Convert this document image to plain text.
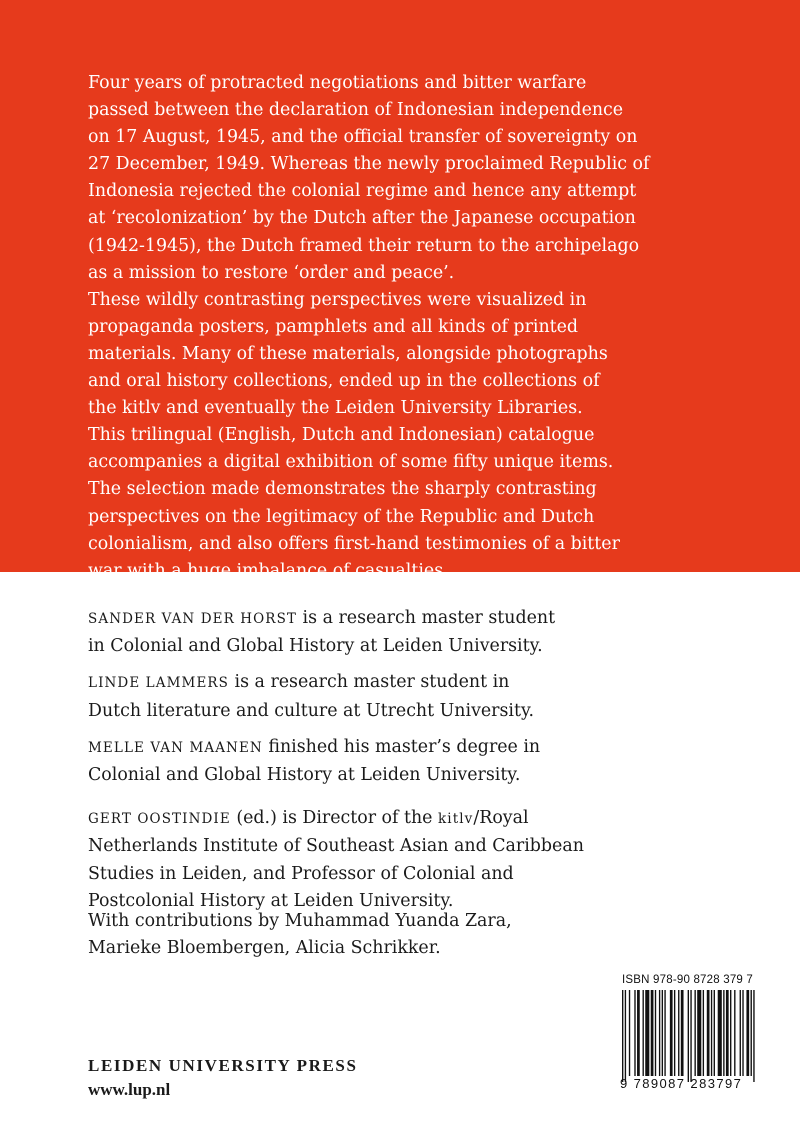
Four years of protracted negotiations and bitter warfare

passed between the declaration of Indonesian independence

on 17 August, 1945, and the official transfer of sovereignty on

27 December, 1949. Whereas the newly proclaimed Republic of

Indonesia rejected the colonial regime and hence any attempt

at ‘recolonization’ by the Dutch after the Japanese occupation

(1942-1945), the Dutch framed their return to the archipelago

as a mission to restore ‘order and peace’.

These wildly contrasting perspectives were visualized in

propaganda posters, pamphlets and all kinds of printed

materials. Many of these materials, alongside photographs

and oral history collections, ended up in the collections of

the kitlv and eventually the Leiden University Libraries.

This trilingual (English, Dutch and Indonesian) catalogue

accompanies a digital exhibition of some fifty unique items.

The selection made demonstrates the sharply contrasting

perspectives on the legitimacy of the Republic and Dutch

colonialism, and also offers first-hand testimonies of a bitter

war with a huge imbalance of casualties.

SANDER VAN DER HORST is a research master student
in Colonial and Global History at Leiden University.

LINDE LAMMERS is a research master student in
Dutch literature and culture at Utrecht University.

MELLE VAN MAANEN finished his master’s degree in
Colonial and Global History at Leiden University.

GERT OOSTINDIE (ed.) is Director of the kitlv/Royal
Netherlands Institute of Southeast Asian and Caribbean
Studies in Leiden, and Professor of Colonial and
Postcolonial History at Leiden University.

With contributions by Muhammad Yuanda Zara,

Marieke Bloembergen, Alicia Schrikker.

LEIDEN UNIVERSITY PRESS
www.lup.nl
ISBN 978-90 8728 379 7
9 789087 283797
